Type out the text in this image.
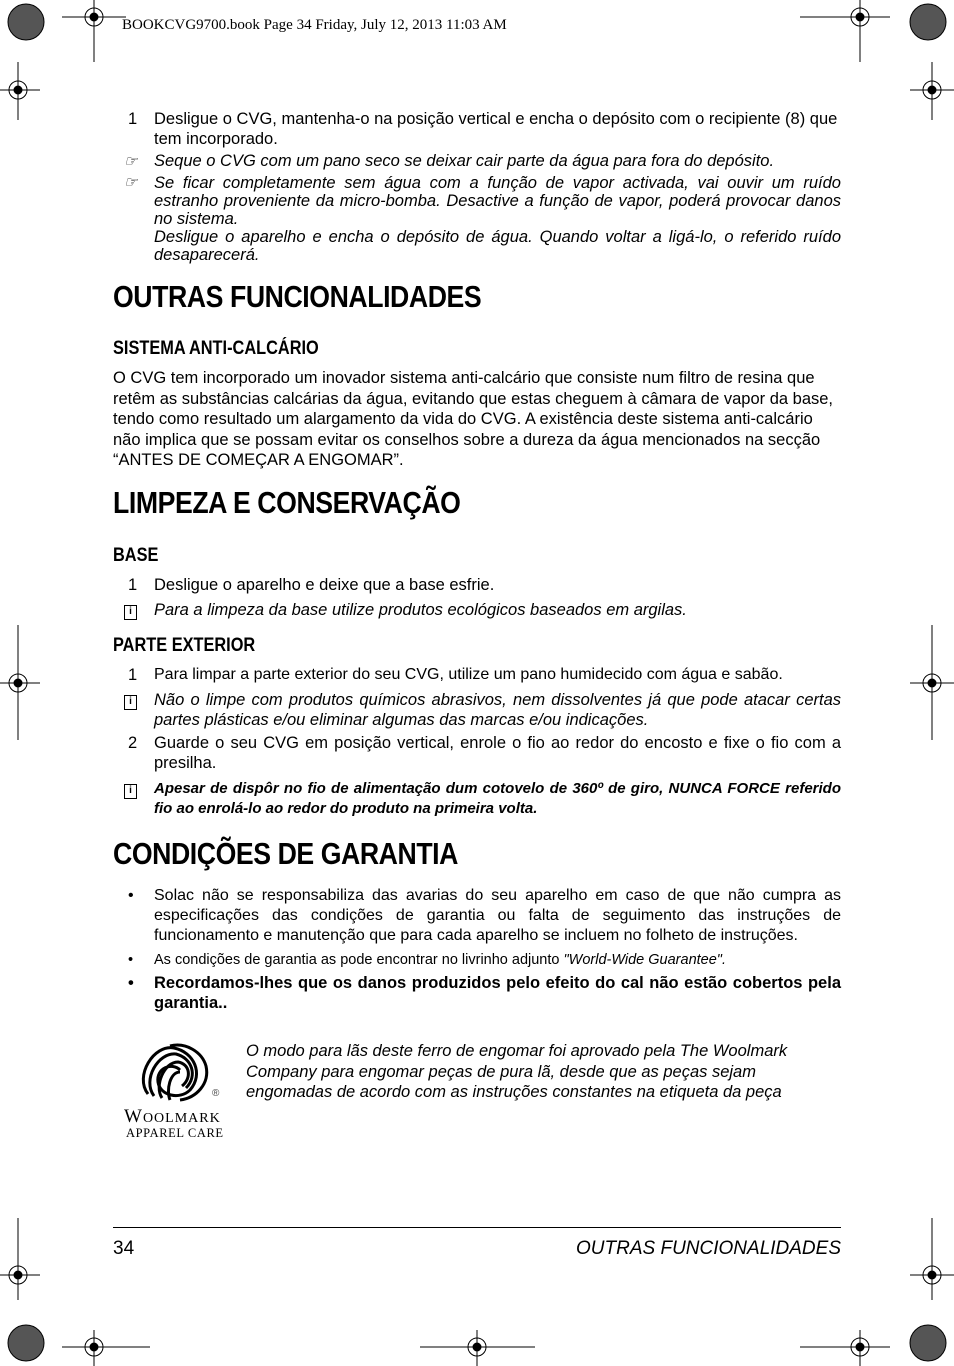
BOOKCVG9700.book Page 34 Friday, July 12, 2013 11:03 AM
1 Desligue o CVG, mantenha-o na posição vertical e encha o depósito com o recipiente (8) que tem incorporado.
☞ Seque o CVG com um pano seco se deixar cair parte da água para fora do depósito.
☞ Se ficar completamente sem água com a função de vapor activada, vai ouvir um ruído estranho proveniente da micro-bomba. Desactive a função de vapor, poderá provocar danos no sistema.
Desligue o aparelho e encha o depósito de água. Quando voltar a ligá-lo, o referido ruído desaparecerá.
OUTRAS FUNCIONALIDADES
SISTEMA ANTI-CALCÁRIO
O CVG tem incorporado um inovador sistema anti-calcário que consiste num filtro de resina que retêm as substâncias calcárias da água, evitando que estas cheguem à câmara de vapor da base, tendo como resultado um alargamento da vida do CVG. A existência deste sistema anti-calcário não implica que se possam evitar os conselhos sobre a dureza da água mencionados na secção “ANTES DE COMEÇAR A ENGOMAR”.
LIMPEZA E CONSERVAÇÃO
BASE
1 Desligue o aparelho e deixe que a base esfrie.
i	Para a limpeza da base utilize produtos ecológicos baseados em argilas.
PARTE EXTERIOR
1 Para limpar a parte exterior do seu CVG, utilize um pano humidecido com água e sabão.
i	Não o limpe com produtos químicos abrasivos, nem dissolventes já que pode atacar certas partes plásticas e/ou eliminar algumas das marcas e/ou indicações.
2 Guarde o seu CVG em posição vertical, enrole o fio ao redor do encosto e fixe o fio com a presilha.
i	Apesar de dispôr no fio de alimentação dum cotovelo de 360º de giro, NUNCA FORCE referido fio ao enrolá-lo ao redor do produto na primeira volta.
CONDIÇÕES DE GARANTIA
• Solac não se responsabiliza das avarias do seu aparelho em caso de que não cumpra as especificações das condições de garantia ou falta de seguimento das instruções de funcionamento e manutenção que para cada aparelho se incluem no folheto de instruções.
• As condições de garantia as pode encontrar no livrinho adjunto "World-Wide Guarantee".
• Recordamos-lhes que os danos produzidos pelo efeito do cal não estão cobertos pela garantia..
®
WOOLMARK
APPAREL CARE
O modo para lãs deste ferro de engomar foi aprovado pela The Woolmark Company para engomar peças de pura lã, desde que as peças sejam engomadas de acordo com as instruções constantes na etiqueta da peça
34	OUTRAS FUNCIONALIDADES
